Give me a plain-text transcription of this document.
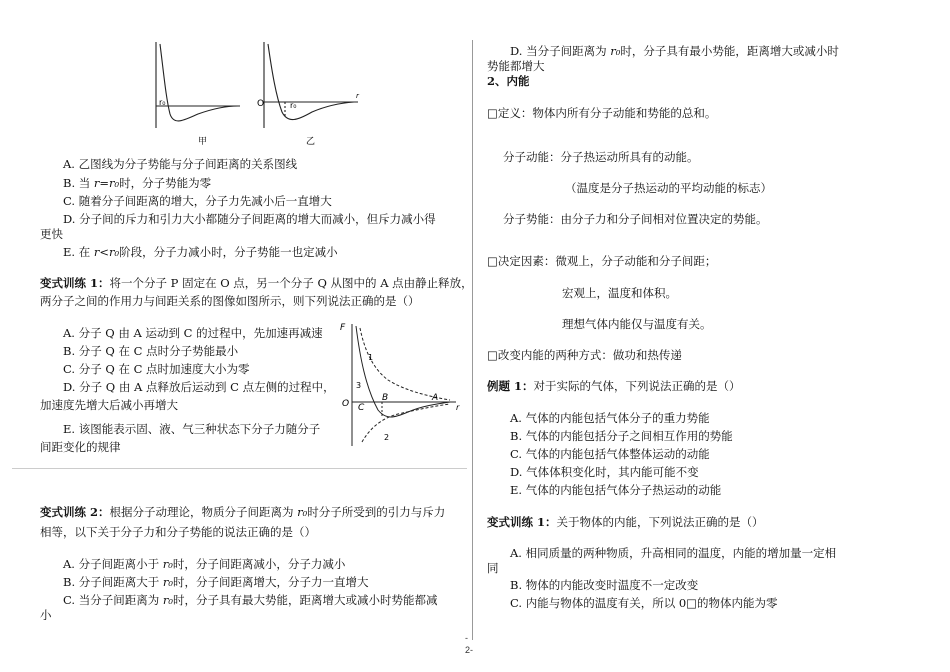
r₀	O	r₀
r
甲	乙
A. 乙图线为分子势能与分子间距离的关系图线
B. 当 r=r₀时，分子势能为零
C. 随着分子间距离的增大，分子力先减小后一直增大
D. 分子间的斥力和引力大小都随分子间距离的增大而减小，但斥力减小得
更快
E. 在 r<r₀阶段，分子力减小时，分子势能一也定减小
变式训练 1：将一个分子 P 固定在 O 点，另一个分子 Q 从图中的 A 点由静止释放，
两分子之间的作用力与间距关系的图像如图所示，则下列说法正确的是（）
A. 分子 Q 由 A 运动到 C 的过程中，先加速再减速
B. 分子 Q 在 C 点时分子势能最小
C. 分子 Q 在 C 点时加速度大小为零
D. 分子 Q 由 A 点释放后运动到 C 点左侧的过程中，
加速度先增大后减小再增大
E. 该图能表示固、液、气三种状态下分子力随分子
间距变化的规律
F
O C
B	A
r
1
2
3
变式训练 2：根据分子动理论，物质分子间距离为 r₀时分子所受到的引力与斥力
相等，以下关于分子力和分子势能的说法正确的是（）
A. 分子间距离小于 r₀时，分子间距离减小，分子力减小
B. 分子间距离大于 r₀时，分子间距离增大，分子力一直增大
C. 当分子间距离为 r₀时，分子具有最大势能，距离增大或减小时势能都减
小
D. 当分子间距离为 r₀时，分子具有最小势能，距离增大或减小时
势能都增大
2、内能
□定义：物体内所有分子动能和势能的总和。
分子动能：分子热运动所具有的动能。
（温度是分子热运动的平均动能的标志）
分子势能：由分子力和分子间相对位置决定的势能。
□决定因素：微观上，分子动能和分子间距；
宏观上，温度和体积。
理想气体内能仅与温度有关。
□改变内能的两种方式：做功和热传递
例题 1：对于实际的气体，下列说法正确的是（）
A. 气体的内能包括气体分子的重力势能
B. 气体的内能包括分子之间相互作用的势能
C. 气体的内能包括气体整体运动的动能
D. 气体体积变化时，其内能可能不变
E. 气体的内能包括气体分子热运动的动能
变式训练 1：关于物体的内能，下列说法正确的是（）
A. 相同质量的两种物质，升高相同的温度，内能的增加量一定相
同
B. 物体的内能改变时温度不一定改变
C. 内能与物体的温度有关，所以 0□的物体内能为零
-
2-
